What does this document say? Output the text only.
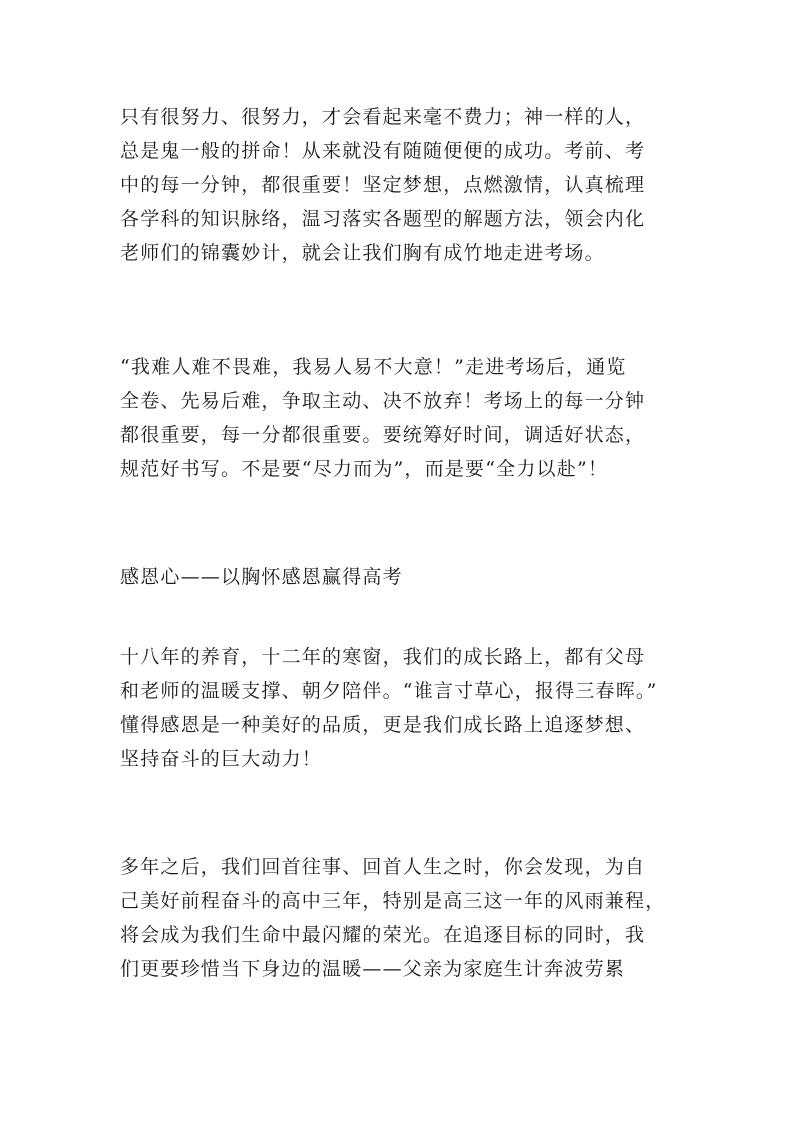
只有很努力、很努力，才会看起来毫不费力；神一样的人，
总是鬼一般的拼命！从来就没有随随便便的成功。考前、考
中的每一分钟，都很重要！坚定梦想，点燃激情，认真梳理
各学科的知识脉络，温习落实各题型的解题方法，领会内化
老师们的锦囊妙计，就会让我们胸有成竹地走进考场。
“我难人难不畏难，我易人易不大意！”走进考场后，通览
全卷、先易后难，争取主动、决不放弃！考场上的每一分钟
都很重要，每一分都很重要。要统筹好时间，调适好状态，
规范好书写。不是要“尽力而为”，而是要“全力以赴”！
感恩心——以胸怀感恩赢得高考
十八年的养育，十二年的寒窗，我们的成长路上，都有父母
和老师的温暖支撑、朝夕陪伴。“谁言寸草心，报得三春晖。”
懂得感恩是一种美好的品质，更是我们成长路上追逐梦想、
坚持奋斗的巨大动力！
多年之后，我们回首往事、回首人生之时，你会发现，为自
己美好前程奋斗的高中三年，特别是高三这一年的风雨兼程，
将会成为我们生命中最闪耀的荣光。在追逐目标的同时，我
们更要珍惜当下身边的温暖——父亲为家庭生计奔波劳累
